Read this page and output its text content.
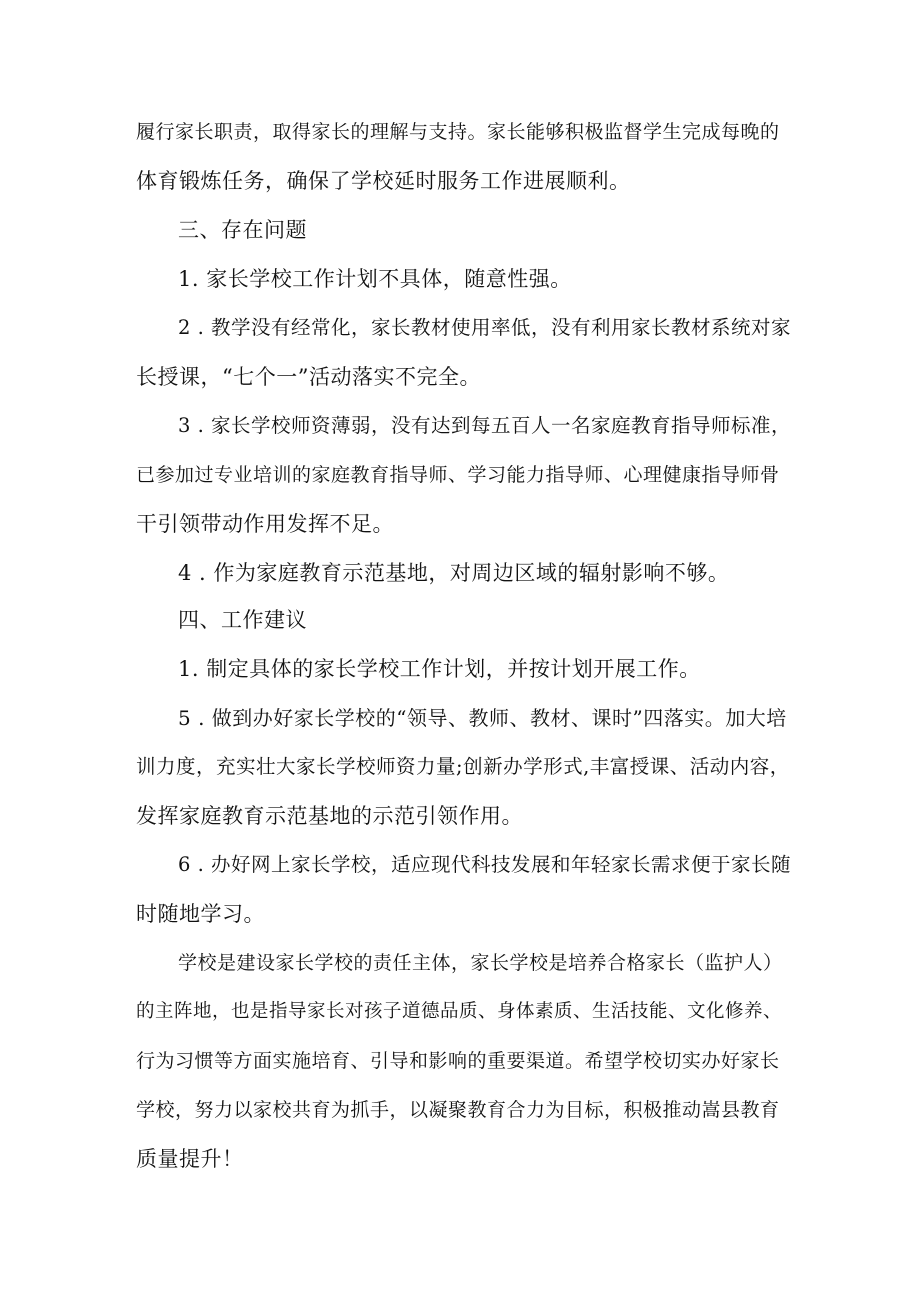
履行家长职责，取得家长的理解与支持。家长能够积极监督学生完成每晚的
体育锻炼任务，确保了学校延时服务工作进展顺利。
三、存在问题
1. 家长学校工作计划不具体，随意性强。
2 . 教学没有经常化，家长教材使用率低，没有利用家长教材系统对家
长授课，“七个一”活动落实不完全。
3 . 家长学校师资薄弱，没有达到每五百人一名家庭教育指导师标准，
已参加过专业培训的家庭教育指导师、学习能力指导师、心理健康指导师骨
干引领带动作用发挥不足。
4 . 作为家庭教育示范基地，对周边区域的辐射影响不够。
四、工作建议
1. 制定具体的家长学校工作计划，并按计划开展工作。
5 . 做到办好家长学校的“领导、教师、教材、课时”四落实。加大培
训力度，充实壮大家长学校师资力量;创新办学形式,丰富授课、活动内容，
发挥家庭教育示范基地的示范引领作用。
6 . 办好网上家长学校，适应现代科技发展和年轻家长需求便于家长随
时随地学习。
学校是建设家长学校的责任主体，家长学校是培养合格家长（监护人）
的主阵地，也是指导家长对孩子道德品质、身体素质、生活技能、文化修养、
行为习惯等方面实施培育、引导和影响的重要渠道。希望学校切实办好家长
学校，努力以家校共育为抓手，以凝聚教育合力为目标，积极推动嵩县教育
质量提升！
